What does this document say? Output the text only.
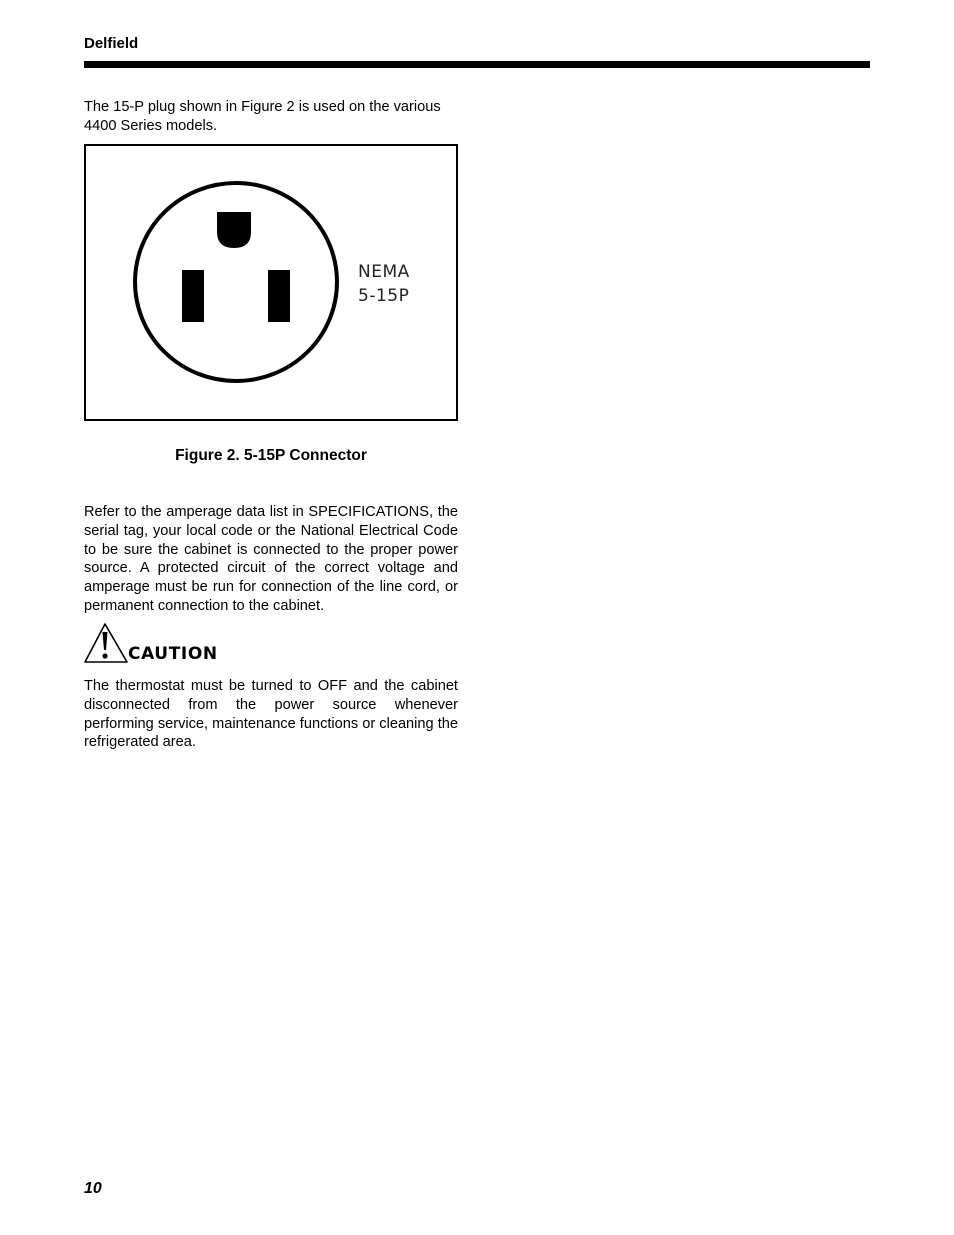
Delfield

The 15-P plug shown in Figure 2 is used on the various 4400 Series models.

NEMA
5-15P
Figure 2. 5-15P Connector

Refer to the amperage data list in SPECIFICATIONS, the serial tag, your local code or the National Electrical Code to be sure the cabinet is connected to the proper power source. A protected circuit of the correct voltage and amperage must be run for connection of the line cord, or permanent connection to the cabinet.

CAUTION

The thermostat must be turned to OFF and the cabinet disconnected from the power source whenever performing service, maintenance functions or cleaning the refrigerated area.

10
